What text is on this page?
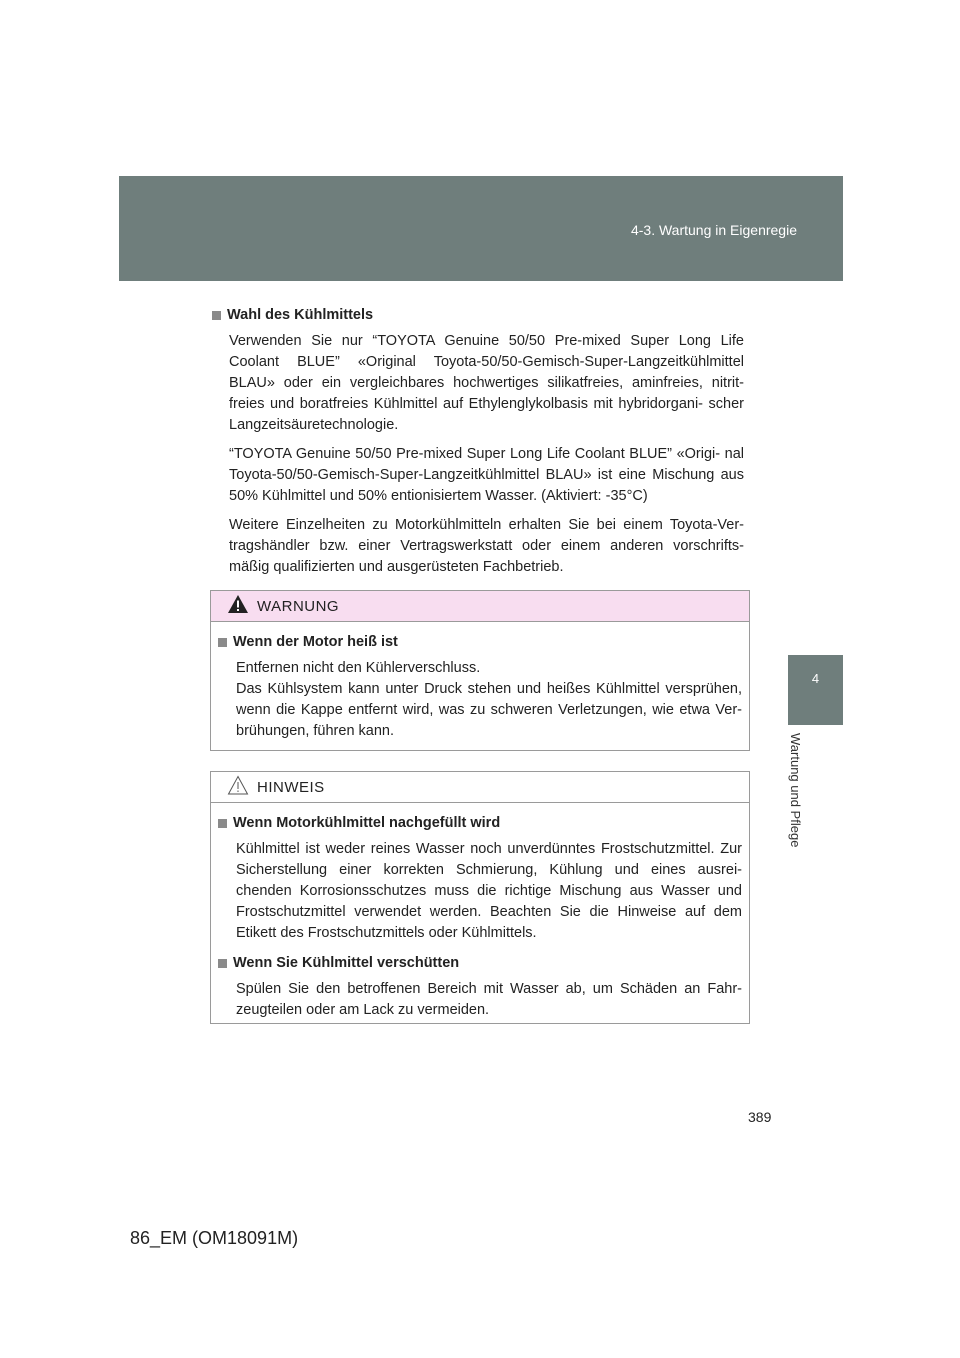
4-3. Wartung in Eigenregie
4
Wartung und Pflege
Wahl des Kühlmittels

Verwenden Sie nur “TOYOTA Genuine 50/50 Pre-mixed Super Long Life Coolant BLUE” «Original Toyota-50/50-Gemisch-Super-Langzeitkühlmittel BLAU» oder ein vergleichbares hochwertiges silikatfreies, aminfreies, nitrit- freies und boratfreies Kühlmittel auf Ethylenglykolbasis mit hybridorgani- scher Langzeitsäuretechnologie.

“TOYOTA Genuine 50/50 Pre-mixed Super Long Life Coolant BLUE” «Origi- nal Toyota-50/50-Gemisch-Super-Langzeitkühlmittel BLAU» ist eine Mischung aus 50% Kühlmittel und 50% entionisiertem Wasser. (Aktiviert: -35°C)

Weitere Einzelheiten zu Motorkühlmitteln erhalten Sie bei einem Toyota-Ver- tragshändler bzw. einer Vertragswerkstatt oder einem anderen vorschrifts- mäßig qualifizierten und ausgerüsteten Fachbetrieb.

WARNUNG
Wenn der Motor heiß ist

Entfernen nicht den Kühlerverschluss.
Das Kühlsystem kann unter Druck stehen und heißes Kühlmittel versprühen, wenn die Kappe entfernt wird, was zu schweren Verletzungen, wie etwa Ver- brühungen, führen kann.

HINWEIS
Wenn Motorkühlmittel nachgefüllt wird

Kühlmittel ist weder reines Wasser noch unverdünntes Frostschutzmittel. Zur Sicherstellung einer korrekten Schmierung, Kühlung und eines ausrei- chenden Korrosionsschutzes muss die richtige Mischung aus Wasser und Frostschutzmittel verwendet werden. Beachten Sie die Hinweise auf dem Etikett des Frostschutzmittels oder Kühlmittels.

Wenn Sie Kühlmittel verschütten

Spülen Sie den betroffenen Bereich mit Wasser ab, um Schäden an Fahr- zeugteilen oder am Lack zu vermeiden.

389
86_EM (OM18091M)
